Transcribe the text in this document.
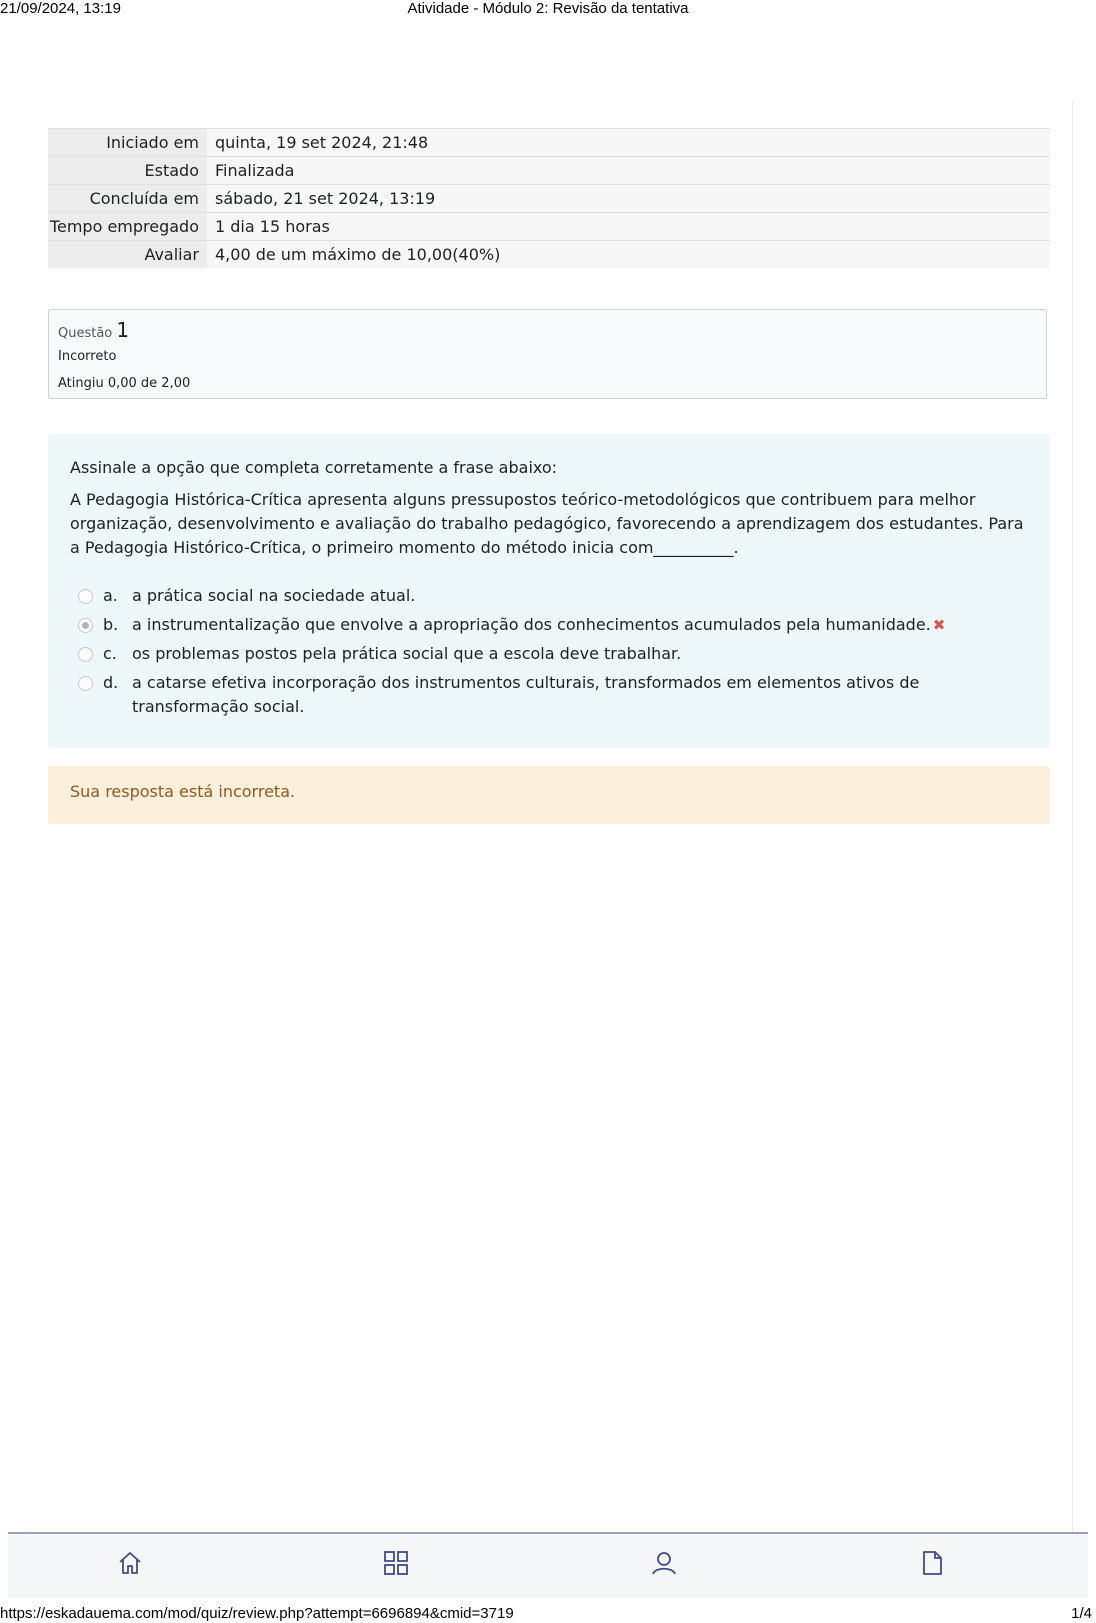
21/09/2024, 13:19	Atividade - Módulo 2: Revisão da tentativa
Iniciado em	quinta, 19 set 2024, 21:48
Estado	Finalizada
Concluída em	sábado, 21 set 2024, 13:19
Tempo empregado	1 dia 15 horas
Avaliar	4,00 de um máximo de 10,00(40%)
Questão 1
Incorreto
Atingiu 0,00 de 2,00

Assinale a opção que completa corretamente a frase abaixo:

A Pedagogia Histórica-Crítica apresenta alguns pressupostos teórico-metodológicos que contribuem para melhor organização, desenvolvimento e avaliação do trabalho pedagógico, favorecendo a aprendizagem dos estudantes. Para a Pedagogia Histórico-Crítica, o primeiro momento do método inicia com__________.

a. a prática social na sociedade atual.
b. a instrumentalização que envolve a apropriação dos conhecimentos acumulados pela humanidade. ✖
c. os problemas postos pela prática social que a escola deve trabalhar.
d. a catarse efetiva incorporação dos instrumentos culturais, transformados em elementos ativos de transformação social.
Sua resposta está incorreta.
https://eskadauema.com/mod/quiz/review.php?attempt=6696894&cmid=3719	1/4
